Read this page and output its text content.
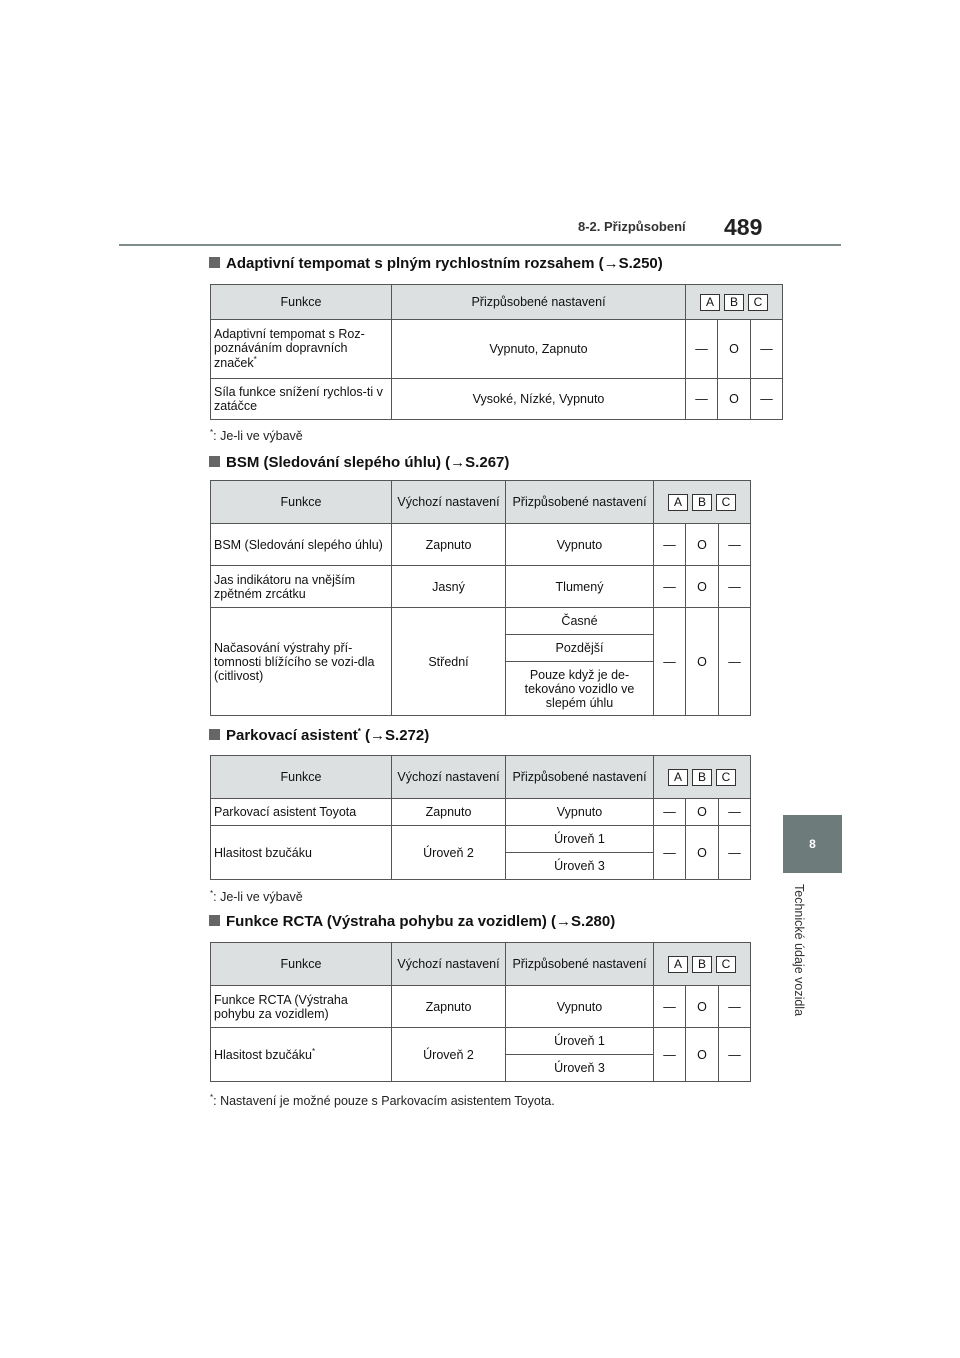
8-2. Přizpůsobení 489
8
Technické údaje vozidla
Adaptivní tempomat s plným rychlostním rozsahem (→S.250)
Funkce	Přizpůsobené nastavení	A B C		
Adaptivní tempomat s Roz-poznáváním dopravních značek*	Vypnuto, Zapnuto	—	O	—
Síla funkce snížení rychlos-ti v zatáčce	Vysoké, Nízké, Vypnuto	—	O	—
*: Je-li ve výbavě
BSM (Sledování slepého úhlu) (→S.267)
Funkce	Výchozí nastavení	Přizpůsobené nastavení	A B C		
BSM (Sledování slepého úhlu)	Zapnuto	Vypnuto	—	O	—
Jas indikátoru na vnějším zpětném zrcátku	Jasný	Tlumený	—	O	—
Načasování výstrahy pří-tomnosti blížícího se vozi-dla (citlivost)	Střední	Časné	—	O	—
		Pozdější			
		Pouze když je de-tekováno vozidlo ve slepém úhlu			
Parkovací asistent* (→S.272)
Funkce	Výchozí nastavení	Přizpůsobené nastavení	A B C		
Parkovací asistent Toyota	Zapnuto	Vypnuto	—	O	—
Hlasitost bzučáku	Úroveň 2	Úroveň 1	—	O	—
		Úroveň 3			
*: Je-li ve výbavě
Funkce RCTA (Výstraha pohybu za vozidlem) (→S.280)
Funkce	Výchozí nastavení	Přizpůsobené nastavení	A B C		
Funkce RCTA (Výstraha pohybu za vozidlem)	Zapnuto	Vypnuto	—	O	—
Hlasitost bzučáku*	Úroveň 2	Úroveň 1	—	O	—
		Úroveň 3			
*: Nastavení je možné pouze s Parkovacím asistentem Toyota.
